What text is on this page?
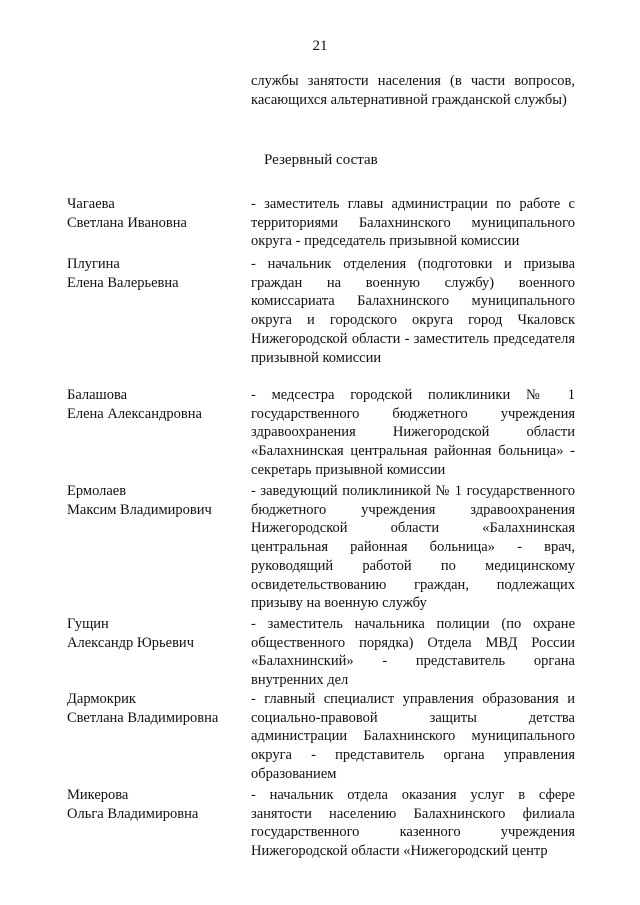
21

службы занятости населения (в части вопросов, касающихся альтернативной гражданской службы)

Резервный состав
Чагаева
Светлана Ивановна

- заместитель главы администрации по работе с территориями Балахнинского муниципального округа - председатель призывной комиссии

Плугина
Елена Валерьевна

- начальник отделения (подготовки и призыва граждан на военную службу) военного комиссариата Балахнинского муниципального округа и городского округа город Чкаловск Нижегородской области - заместитель председателя призывной комиссии

Балашова
Елена Александровна

- медсестра городской поликлиники № 1 государственного бюджетного учреждения здравоохранения Нижегородской области «Балахнинская центральная районная больница» - секретарь призывной комиссии

Ермолаев
Максим Владимирович

- заведующий поликлиникой № 1 государственного бюджетного учреждения здравоохранения Нижегородской области «Балахнинская центральная районная больница» - врач, руководящий работой по медицинскому освидетельствованию граждан, подлежащих призыву на военную службу

Гущин
Александр Юрьевич

- заместитель начальника полиции (по охране общественного порядка) Отдела МВД России «Балахнинский» - представитель органа внутренних дел

Дармокрик
Светлана Владимировна

- главный специалист управления образования и социально-правовой защиты детства администрации Балахнинского муниципального округа - представитель органа управления образованием

Микерова
Ольга Владимировна

- начальник отдела оказания услуг в сфере занятости населению Балахнинского филиала государственного казенного учреждения Нижегородской области «Нижегородский центр
